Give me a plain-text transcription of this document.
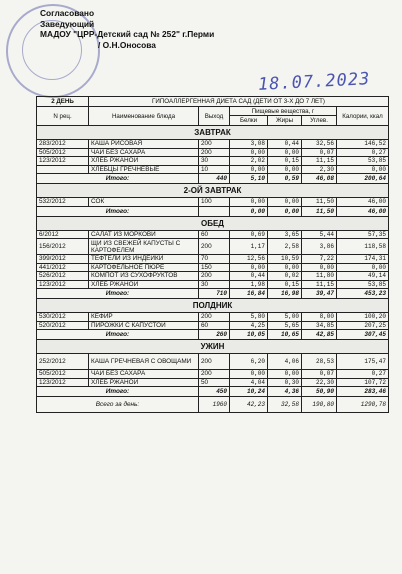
Согласовано
Заведующий
МАДОУ "ЦРР-Детский сад № 252" г.Перми
/ О.Н.Оносова
18.07.2023
2 ДЕНЬ	ГИПОАЛЛЕРГЕННАЯ ДИЕТА САД (ДЕТИ ОТ 3-Х ДО 7 ЛЕТ)					
N рец.	Наименование блюда	Выход	Пищевые вещества, г			Калории, ккал
			Белки	Жиры	Углев.	
ЗАВТРАК						
283/2012	КАША РИСОВАЯ	200	3,08	0,44	32,56	146,52
505/2012	ЧАЙ БЕЗ САХАРА	200	0,00	0,00	0,07	0,27
123/2012	ХЛЕБ РЖАНОЙ	30	2,02	0,15	11,15	53,85
	ХЛЕБЦЫ ГРЕЧНЕВЫЕ	10	0,00	0,00	2,30	0,00
Итого:		440	5,10	0,59	46,08	200,64
2-ОЙ ЗАВТРАК						
532/2012	СОК	100	0,00	0,00	11,50	46,00
Итого:			0,00	0,00	11,50	46,00
ОБЕД						
6/2012	САЛАТ ИЗ МОРКОВИ	60	0,69	3,65	5,44	57,35
156/2012	ЩИ ИЗ СВЕЖЕЙ КАПУСТЫ С КАРТОФЕЛЕМ	200	1,17	2,58	3,86	118,58
399/2012	ТЕФТЕЛИ ИЗ ИНДЕЙКИ	70	12,56	10,59	7,22	174,31
441/2012	КАРТОФЕЛЬНОЕ ПЮРЕ	150	0,00	0,00	0,00	0,00
526/2012	КОМПОТ ИЗ СУХОФРУКТОВ	200	0,44	0,02	11,80	49,14
123/2012	ХЛЕБ РЖАНОЙ	30	1,98	0,15	11,15	53,85
Итого:		710	16,84	16,98	39,47	453,23
ПОЛДНИК						
530/2012	КЕФИР	200	5,80	5,00	8,00	100,20
520/2012	ПИРОЖКИ С КАПУСТОЙ	60	4,25	5,65	34,85	207,25
Итого:		260	10,05	10,65	42,85	307,45
УЖИН						
252/2012	КАША ГРЕЧНЕВАЯ С ОВОЩАМИ	200	6,20	4,06	28,53	175,47
505/2012	ЧАЙ БЕЗ САХАРА	200	0,00	0,00	0,07	0,27
123/2012	ХЛЕБ РЖАНОЙ	50	4,04	0,30	22,30	107,72
Итого:		450	10,24	4,36	50,90	283,46
Всего за день:		1960	42,23	32,58	190,80	1290,78
